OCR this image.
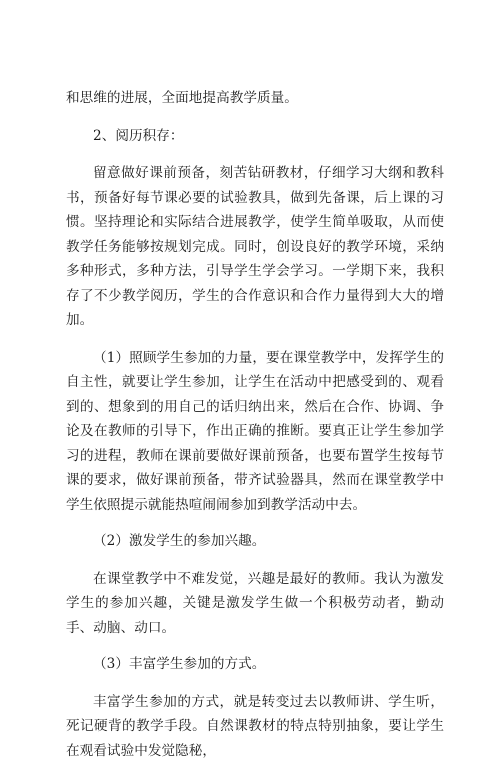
和思维的进展，全面地提高教学质量。

2、阅历积存：

留意做好课前预备，刻苦钻研教材，仔细学习大纲和教科书，预备好每节课必要的试验教具，做到先备课，后上课的习惯。坚持理论和实际结合进展教学，使学生简单吸取，从而使教学任务能够按规划完成。同时，创设良好的教学环境，采纳多种形式，多种方法，引导学生学会学习。一学期下来，我积存了不少教学阅历，学生的合作意识和合作力量得到大大的增加。

（1）照顾学生参加的力量，要在课堂教学中，发挥学生的自主性，就要让学生参加，让学生在活动中把感受到的、观看到的、想象到的用自己的话归纳出来，然后在合作、协调、争论及在教师的引导下，作出正确的推断。要真正让学生参加学习的进程，教师在课前要做好课前预备，也要布置学生按每节课的要求，做好课前预备，带齐试验器具，然而在课堂教学中学生依照提示就能热喧闹闹参加到教学活动中去。

（2）激发学生的参加兴趣。

在课堂教学中不难发觉，兴趣是最好的教师。我认为激发学生的参加兴趣，关键是激发学生做一个积极劳动者，勤动手、动脑、动口。

（3）丰富学生参加的方式。

丰富学生参加的方式，就是转变过去以教师讲、学生听，死记硬背的教学手段。自然课教材的特点特别抽象，要让学生在观看试验中发觉隐秘，
